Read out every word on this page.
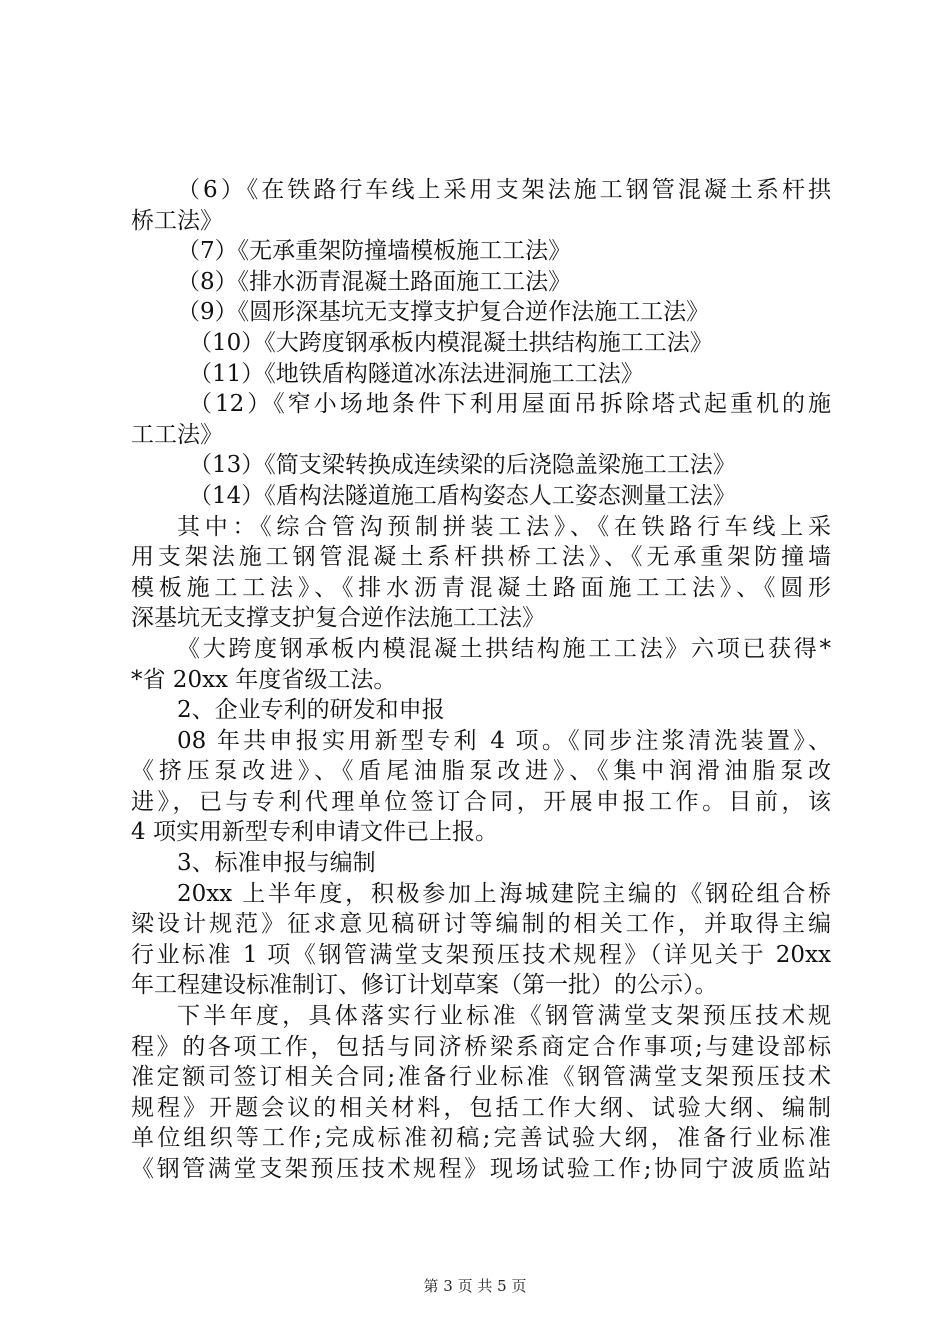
（6）《在铁路行车线上采用支架法施工钢管混凝土系杆拱
桥工法》
（7）《无承重架防撞墙模板施工工法》
（8）《排水沥青混凝土路面施工工法》
（9）《圆形深基坑无支撑支护复合逆作法施工工法》
（10）《大跨度钢承板内模混凝土拱结构施工工法》
（11）《地铁盾构隧道冰冻法进洞施工工法》
（12）《窄小场地条件下利用屋面吊拆除塔式起重机的施
工工法》
（13）《简支梁转换成连续梁的后浇隐盖梁施工工法》
（14）《盾构法隧道施工盾构姿态人工姿态测量工法》
其中：《综合管沟预制拼装工法》、《在铁路行车线上采
用支架法施工钢管混凝土系杆拱桥工法》、《无承重架防撞墙
模板施工工法》、《排水沥青混凝土路面施工工法》、《圆形
深基坑无支撑支护复合逆作法施工工法》
《大跨度钢承板内模混凝土拱结构施工工法》六项已获得*
*省 20xx 年度省级工法。
2、企业专利的研发和申报
08 年共申报实用新型专利 4 项。《同步注浆清洗装置》、
《挤压泵改进》、《盾尾油脂泵改进》、《集中润滑油脂泵改
进》，已与专利代理单位签订合同，开展申报工作。目前，该
4 项实用新型专利申请文件已上报。
3、标准申报与编制
20xx 上半年度，积极参加上海城建院主编的《钢砼组合桥
梁设计规范》征求意见稿研讨等编制的相关工作，并取得主编
行业标准 1 项《钢管满堂支架预压技术规程》（详见关于 20xx
年工程建设标准制订、修订计划草案（第一批）的公示）。
下半年度，具体落实行业标准《钢管满堂支架预压技术规
程》的各项工作，包括与同济桥梁系商定合作事项;与建设部标
准定额司签订相关合同;准备行业标准《钢管满堂支架预压技术
规程》开题会议的相关材料，包括工作大纲、试验大纲、编制
单位组织等工作;完成标准初稿;完善试验大纲，准备行业标准
《钢管满堂支架预压技术规程》现场试验工作;协同宁波质监站
第 3 页 共 5 页
